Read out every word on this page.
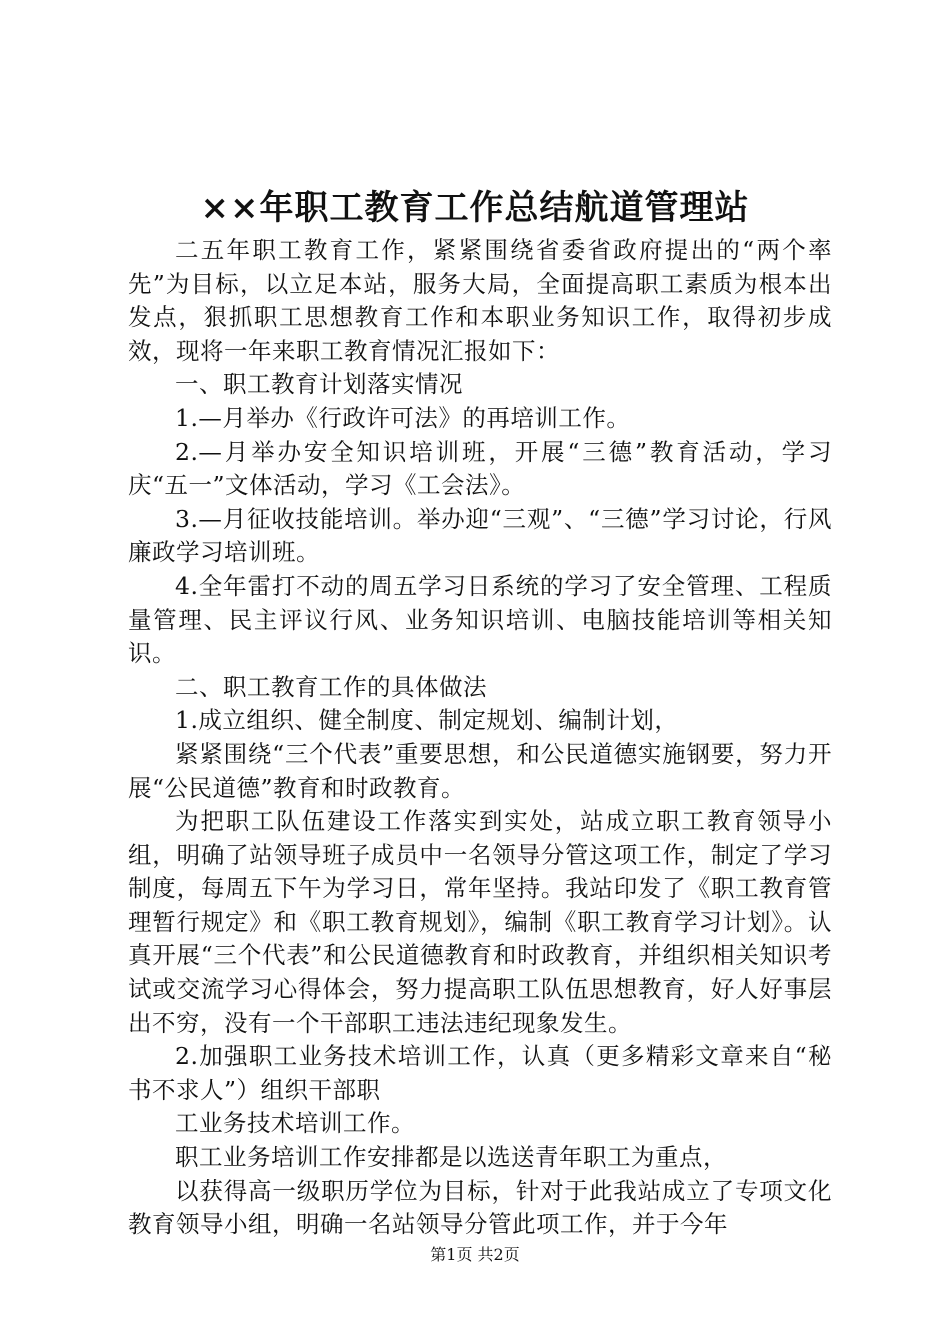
××年职工教育工作总结航道管理站

二五年职工教育工作，紧紧围绕省委省政府提出的“两个率先”为目标，以立足本站，服务大局，全面提高职工素质为根本出发点，狠抓职工思想教育工作和本职业务知识工作，取得初步成效，现将一年来职工教育情况汇报如下：

一、职工教育计划落实情况

1.—月举办《行政许可法》的再培训工作。

2.—月举办安全知识培训班，开展“三德”教育活动，学习庆“五一”文体活动，学习《工会法》。

3.—月征收技能培训。举办迎“三观”、“三德”学习讨论，行风廉政学习培训班。

4.全年雷打不动的周五学习日系统的学习了安全管理、工程质量管理、民主评议行风、业务知识培训、电脑技能培训等相关知识。

二、职工教育工作的具体做法

1.成立组织、健全制度、制定规划、编制计划，

紧紧围绕“三个代表”重要思想，和公民道德实施钢要，努力开展“公民道德”教育和时政教育。

为把职工队伍建设工作落实到实处，站成立职工教育领导小组，明确了站领导班子成员中一名领导分管这项工作，制定了学习制度，每周五下午为学习日，常年坚持。我站印发了《职工教育管理暂行规定》和《职工教育规划》，编制《职工教育学习计划》。认真开展“三个代表”和公民道德教育和时政教育，并组织相关知识考试或交流学习心得体会，努力提高职工队伍思想教育，好人好事层出不穷，没有一个干部职工违法违纪现象发生。

2.加强职工业务技术培训工作，认真（更多精彩文章来自“秘书不求人”）组织干部职

工业务技术培训工作。

职工业务培训工作安排都是以选送青年职工为重点，

以获得高一级职历学位为目标，针对于此我站成立了专项文化教育领导小组，明确一名站领导分管此项工作，并于今年

第1页 共2页
